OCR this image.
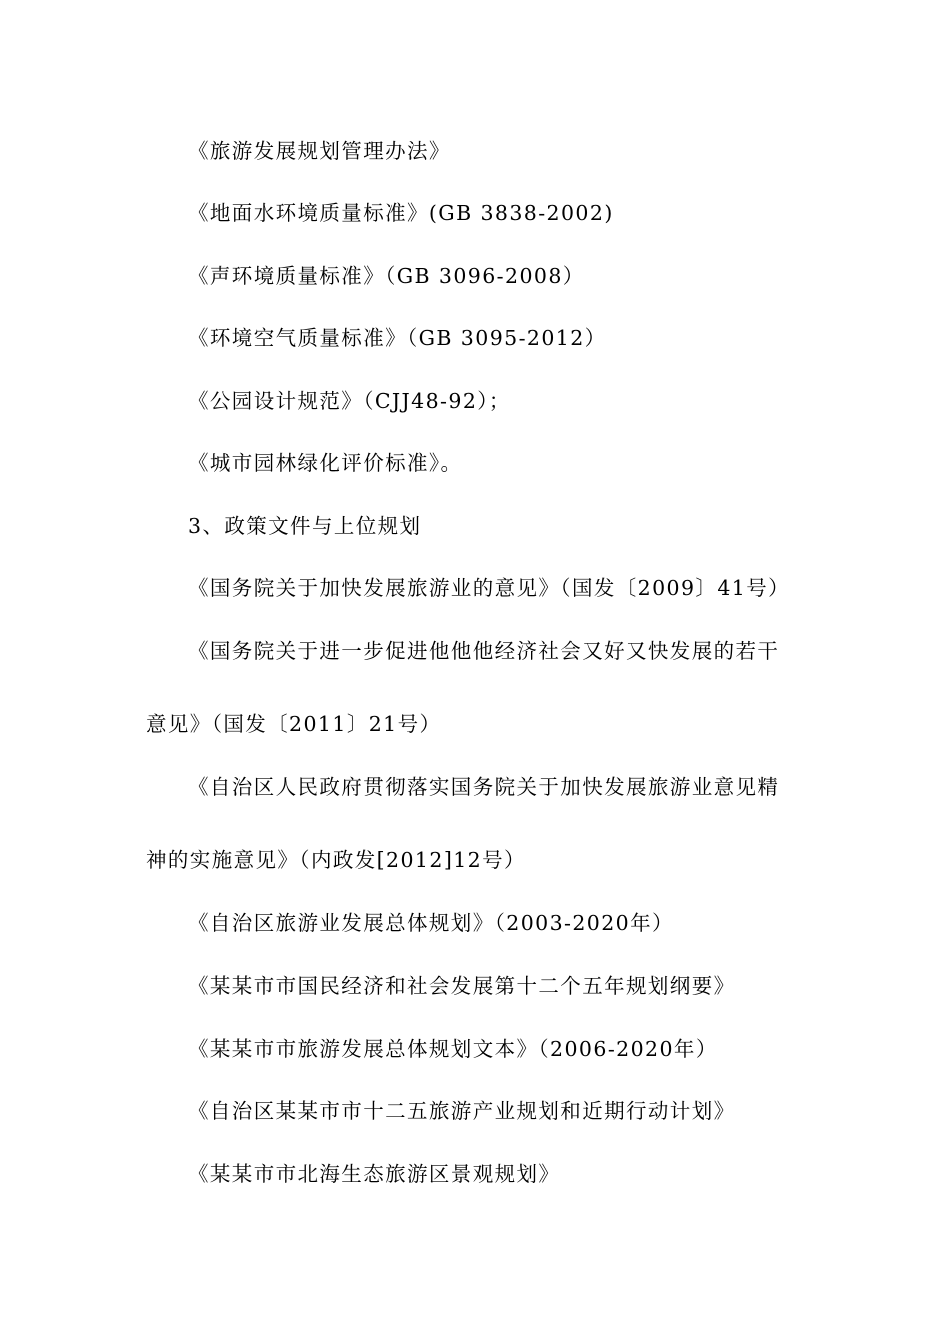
《旅游发展规划管理办法》
《地面水环境质量标准》(GB 3838-2002)
《声环境质量标准》（GB 3096-2008）
《环境空气质量标准》（GB 3095-2012）
《公园设计规范》（CJJ48-92）；
《城市园林绿化评价标准》。
3、政策文件与上位规划
《国务院关于加快发展旅游业的意见》（国发〔2009〕41号）
《国务院关于进一步促进他他他经济社会又好又快发展的若干
意见》（国发〔2011〕21号）
《自治区人民政府贯彻落实国务院关于加快发展旅游业意见精
神的实施意见》（内政发[2012]12号）
《自治区旅游业发展总体规划》（2003-2020年）
《某某市市国民经济和社会发展第十二个五年规划纲要》
《某某市市旅游发展总体规划文本》（2006-2020年）
《自治区某某市市十二五旅游产业规划和近期行动计划》
《某某市市北海生态旅游区景观规划》
